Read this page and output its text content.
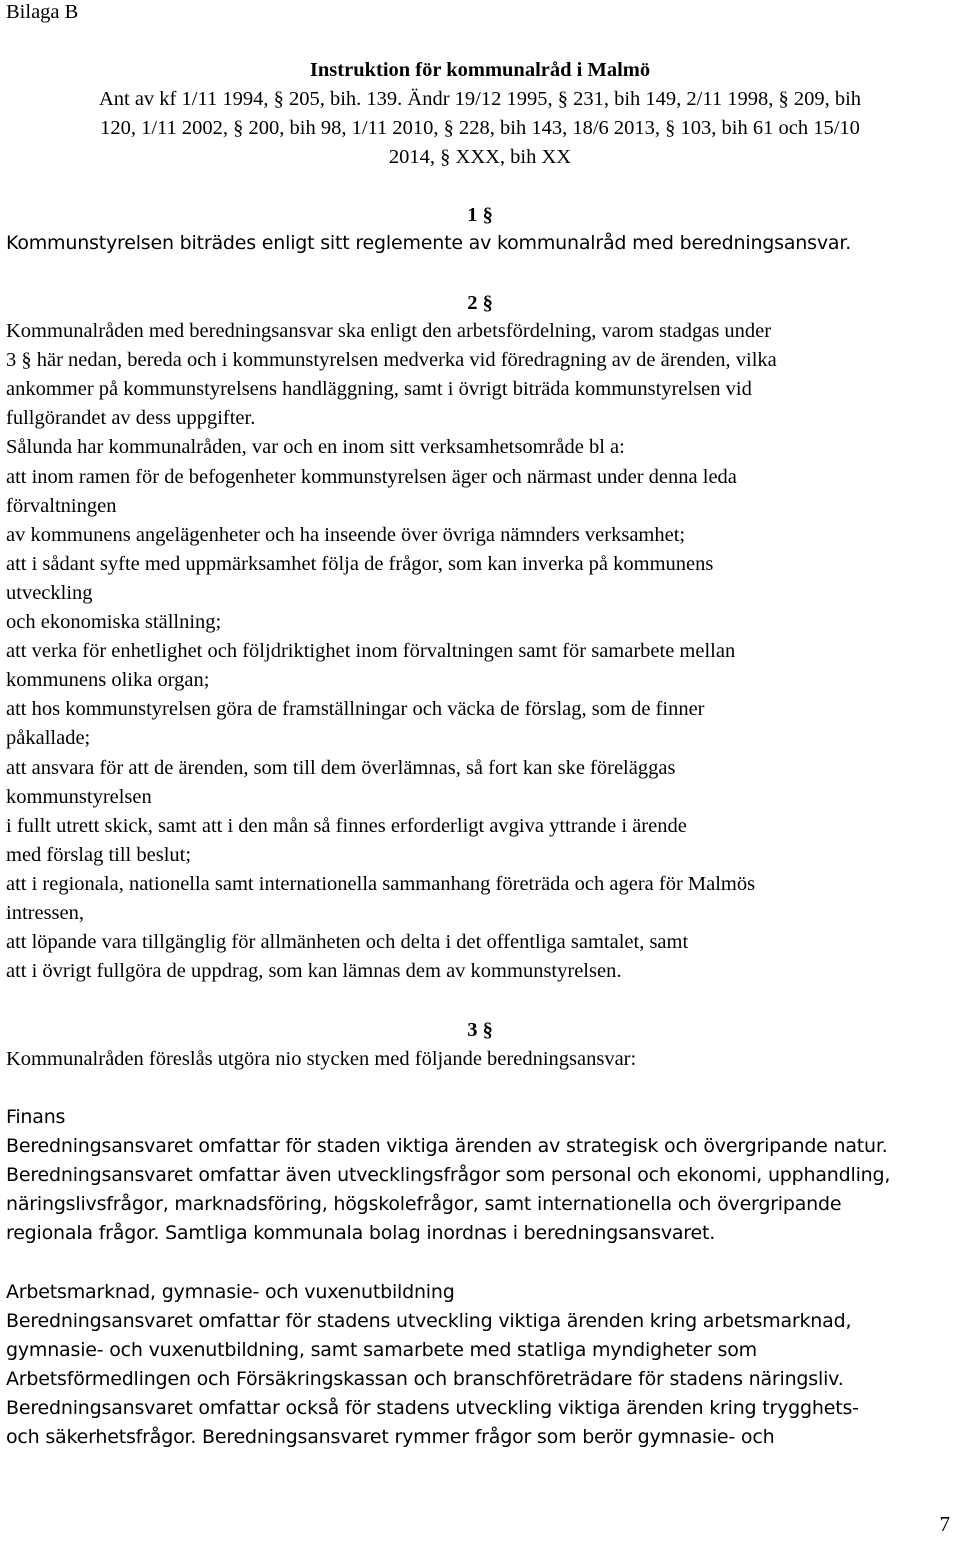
Bilaga B
Instruktion för kommunalråd i Malmö
Ant av kf 1/11 1994, § 205, bih. 139. Ändr 19/12 1995, § 231, bih 149, 2/11 1998, § 209, bih
120, 1/11 2002, § 200, bih 98, 1/11 2010, § 228, bih 143, 18/6 2013, § 103, bih 61 och 15/10
2014, § XXX, bih XX
1 §
Kommunstyrelsen biträdes enligt sitt reglemente av kommunalråd med beredningsansvar.
2 §
Kommunalråden med beredningsansvar ska enligt den arbetsfördelning, varom stadgas under
3 § här nedan, bereda och i kommunstyrelsen medverka vid föredragning av de ärenden, vilka
ankommer på kommunstyrelsens handläggning, samt i övrigt biträda kommunstyrelsen vid
fullgörandet av dess uppgifter.
Sålunda har kommunalråden, var och en inom sitt verksamhetsområde bl a:
att inom ramen för de befogenheter kommunstyrelsen äger och närmast under denna leda
förvaltningen
av kommunens angelägenheter och ha inseende över övriga nämnders verksamhet;
att i sådant syfte med uppmärksamhet följa de frågor, som kan inverka på kommunens
utveckling
och ekonomiska ställning;
att verka för enhetlighet och följdriktighet inom förvaltningen samt för samarbete mellan
kommunens olika organ;
att hos kommunstyrelsen göra de framställningar och väcka de förslag, som de finner
påkallade;
att ansvara för att de ärenden, som till dem överlämnas, så fort kan ske föreläggas
kommunstyrelsen
i fullt utrett skick, samt att i den mån så finnes erforderligt avgiva yttrande i ärende
med förslag till beslut;
att i regionala, nationella samt internationella sammanhang företräda och agera för Malmös
intressen,
att löpande vara tillgänglig för allmänheten och delta i det offentliga samtalet, samt
att i övrigt fullgöra de uppdrag, som kan lämnas dem av kommunstyrelsen.
3 §
Kommunalråden föreslås utgöra nio stycken med följande beredningsansvar:
Finans
Beredningsansvaret omfattar för staden viktiga ärenden av strategisk och övergripande natur.
Beredningsansvaret omfattar även utvecklingsfrågor som personal och ekonomi, upphandling,
näringslivsfrågor, marknadsföring, högskolefrågor, samt internationella och övergripande
regionala frågor. Samtliga kommunala bolag inordnas i beredningsansvaret.
Arbetsmarknad, gymnasie- och vuxenutbildning
Beredningsansvaret omfattar för stadens utveckling viktiga ärenden kring arbetsmarknad,
gymnasie- och vuxenutbildning, samt samarbete med statliga myndigheter som
Arbetsförmedlingen och Försäkringskassan och branschföreträdare för stadens näringsliv.
Beredningsansvaret omfattar också för stadens utveckling viktiga ärenden kring trygghets-
och säkerhetsfrågor. Beredningsansvaret rymmer frågor som berör gymnasie- och
7
